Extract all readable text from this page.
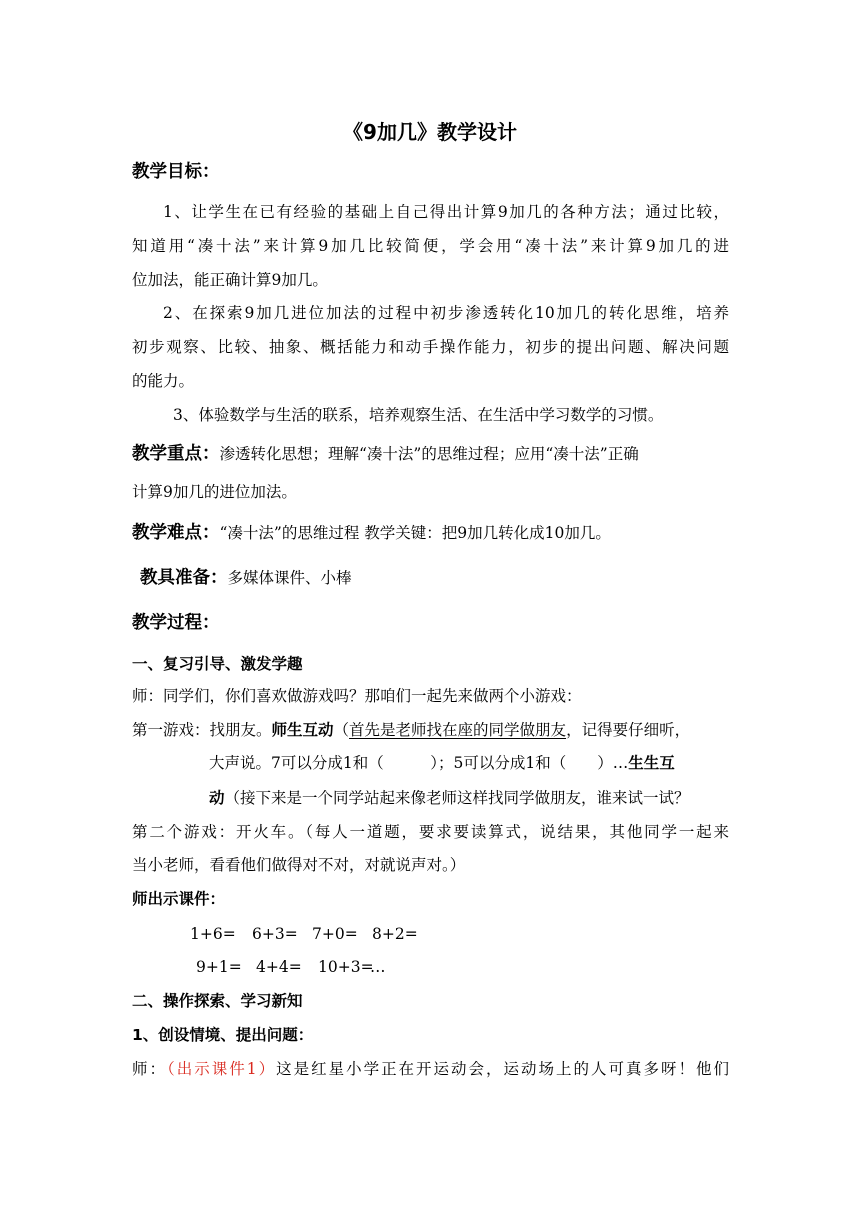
《9加几》教学设计
教学目标：
1、让学生在已有经验的基础上自己得出计算9加几的各种方法；通过比较，
知道用“凑十法”来计算9加几比较简便，学会用“凑十法”来计算9加几的进
位加法，能正确计算9加几。
2、在探索9加几进位加法的过程中初步渗透转化10加几的转化思维，培养
初步观察、比较、抽象、概括能力和动手操作能力，初步的提出问题、解决问题
的能力。
3、体验数学与生活的联系，培养观察生活、在生活中学习数学的习惯。
教学重点：渗透转化思想；理解“凑十法”的思维过程；应用“凑十法”正确
计算9加几的进位加法。
教学难点：“凑十法”的思维过程 教学关键：把9加几转化成10加几。
教具准备：多媒体课件、小棒
教学过程：
一、复习引导、激发学趣
师：同学们，你们喜欢做游戏吗？那咱们一起先来做两个小游戏：
第一游戏：找朋友。师生互动（首先是老师找在座的同学做朋友，记得要仔细听，
大声说。7可以分成1和（　　　）；5可以分成1和（　　）…生生互
动（接下来是一个同学站起来像老师这样找同学做朋友，谁来试一试？
第二个游戏：开火车。（每人一道题，要求要读算式，说结果，其他同学一起来
当小老师，看看他们做得对不对，对就说声对。）
师出示课件：
1+6= 6+3= 7+0= 8+2=
9+1= 4+4= 10+3=
…
二、操作探索、学习新知
1、创设情境、提出问题：
师：（出示课件1）这是红星小学正在开运动会，运动场上的人可真多呀！他们
